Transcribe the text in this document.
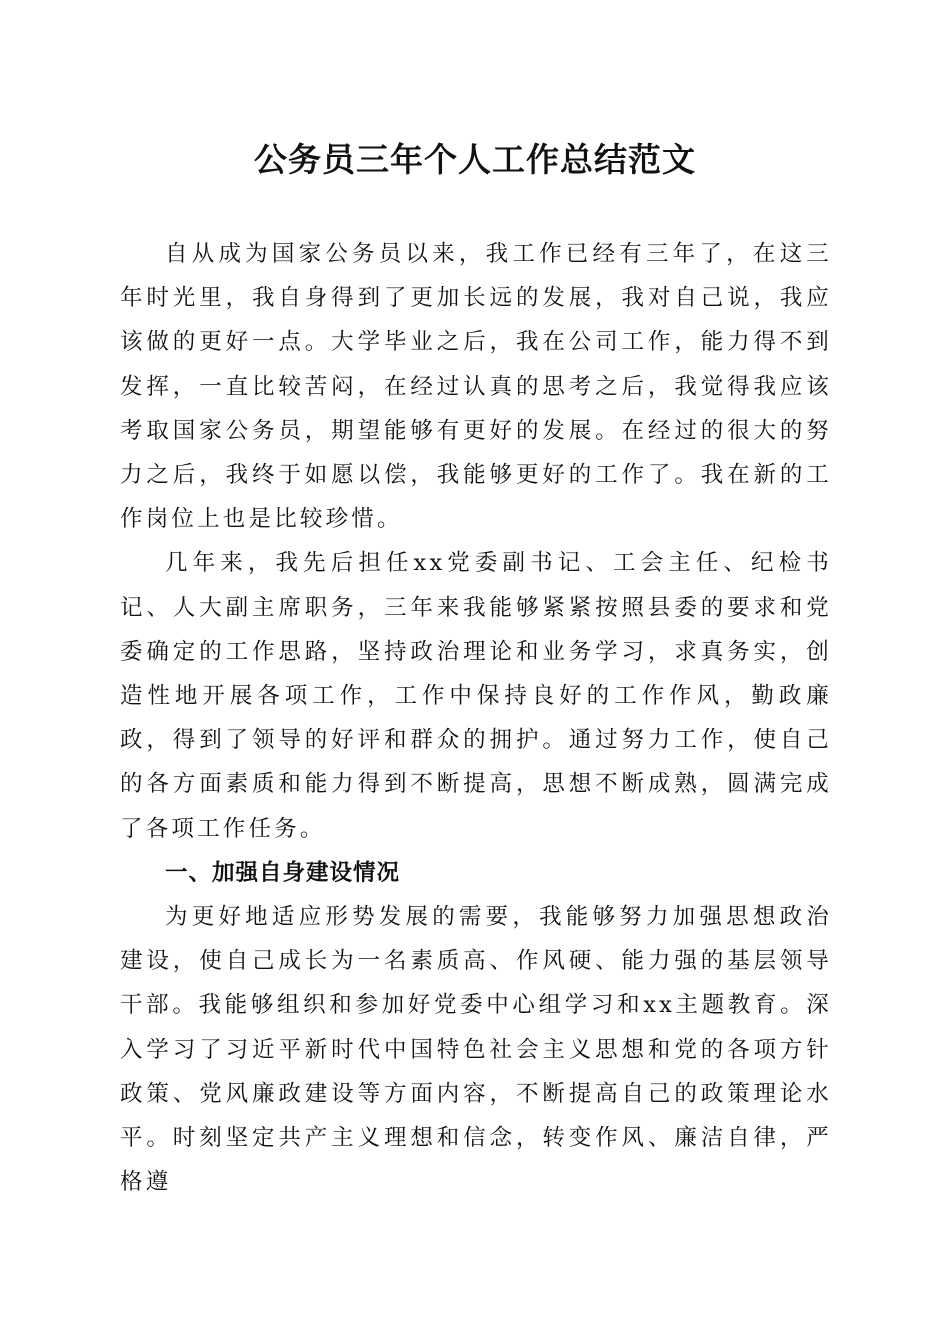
公务员三年个人工作总结范文

自从成为国家公务员以来，我工作已经有三年了，在这三年时光里，我自身得到了更加长远的发展，我对自己说，我应该做的更好一点。大学毕业之后，我在公司工作，能力得不到发挥，一直比较苦闷，在经过认真的思考之后，我觉得我应该考取国家公务员，期望能够有更好的发展。在经过的很大的努力之后，我终于如愿以偿，我能够更好的工作了。我在新的工作岗位上也是比较珍惜。

几年来，我先后担任xx党委副书记、工会主任、纪检书记、人大副主席职务，三年来我能够紧紧按照县委的要求和党委确定的工作思路，坚持政治理论和业务学习，求真务实，创造性地开展各项工作，工作中保持良好的工作作风，勤政廉政，得到了领导的好评和群众的拥护。通过努力工作，使自己的各方面素质和能力得到不断提高，思想不断成熟，圆满完成了各项工作任务。

一、加强自身建设情况

为更好地适应形势发展的需要，我能够努力加强思想政治建设，使自己成长为一名素质高、作风硬、能力强的基层领导干部。我能够组织和参加好党委中心组学习和xx主题教育。深入学习了习近平新时代中国特色社会主义思想和党的各项方针政策、党风廉政建设等方面内容，不断提高自己的政策理论水平。时刻坚定共产主义理想和信念，转变作风、廉洁自律，严格遵
